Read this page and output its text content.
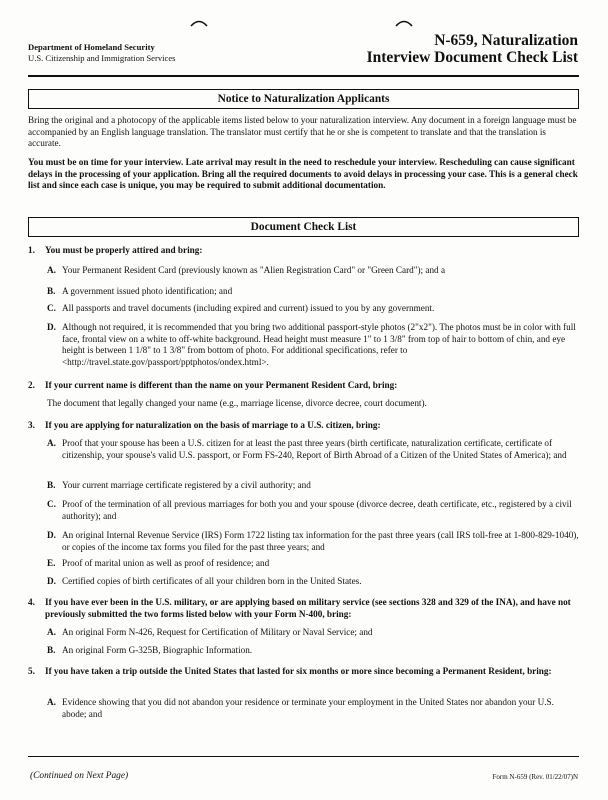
Department of Homeland Security
U.S. Citizenship and Immigration Services
N-659, Naturalization
Interview Document Check List
Notice to Naturalization Applicants
Bring the original and a photocopy of the applicable items listed below to your naturalization interview. Any document in a foreign language must be accompanied by an English language translation. The translator must certify that he or she is competent to translate and that the translation is accurate.
You must be on time for your interview. Late arrival may result in the need to reschedule your interview. Rescheduling can cause significant delays in the processing of your application. Bring all the required documents to avoid delays in processing your case. This is a general check list and since each case is unique, you may be required to submit additional documentation.
Document Check List
1. You must be properly attired and bring:
A. Your Permanent Resident Card (previously known as "Alien Registration Card" or "Green Card"); and a
B. A government issued photo identification; and
C. All passports and travel documents (including expired and current) issued to you by any government.
D. Although not required, it is recommended that you bring two additional passport-style photos (2"x2"). The photos must be in color with full face, frontal view on a white to off-white background. Head height must measure 1" to 1 3/8" from top of hair to bottom of chin, and eye height is between 1 1/8" to 1 3/8" from bottom of photo. For additional specifications, refer to <http://travel.state.gov/passport/pptphotos/ondex.html>.
2. If your current name is different than the name on your Permanent Resident Card, bring:
The document that legally changed your name (e.g., marriage license, divorce decree, court document).
3. If you are applying for naturalization on the basis of marriage to a U.S. citizen, bring:
A. Proof that your spouse has been a U.S. citizen for at least the past three years (birth certificate, naturalization certificate, certificate of citizenship, your spouse's valid U.S. passport, or Form FS-240, Report of Birth Abroad of a Citizen of the United States of America); and
B. Your current marriage certificate registered by a civil authority; and
C. Proof of the termination of all previous marriages for both you and your spouse (divorce decree, death certificate, etc., registered by a civil authority); and
D. An original Internal Revenue Service (IRS) Form 1722 listing tax information for the past three years (call IRS toll-free at 1-800-829-1040), or copies of the income tax forms you filed for the past three years; and
E. Proof of marital union as well as proof of residence; and
D. Certified copies of birth certificates of all your children born in the United States.
4. If you have ever been in the U.S. military, or are applying based on military service (see sections 328 and 329 of the INA), and have not previously submitted the two forms listed below with your Form N-400, bring:
A. An original Form N-426, Request for Certification of Military or Naval Service; and
B. An original Form G-325B, Biographic Information.
5. If you have taken a trip outside the United States that lasted for six months or more since becoming a Permanent Resident, bring:
A. Evidence showing that you did not abandon your residence or terminate your employment in the United States nor abandon your U.S. abode; and
(Continued on Next Page)	Form N-659 (Rev. 01/22/07)N
